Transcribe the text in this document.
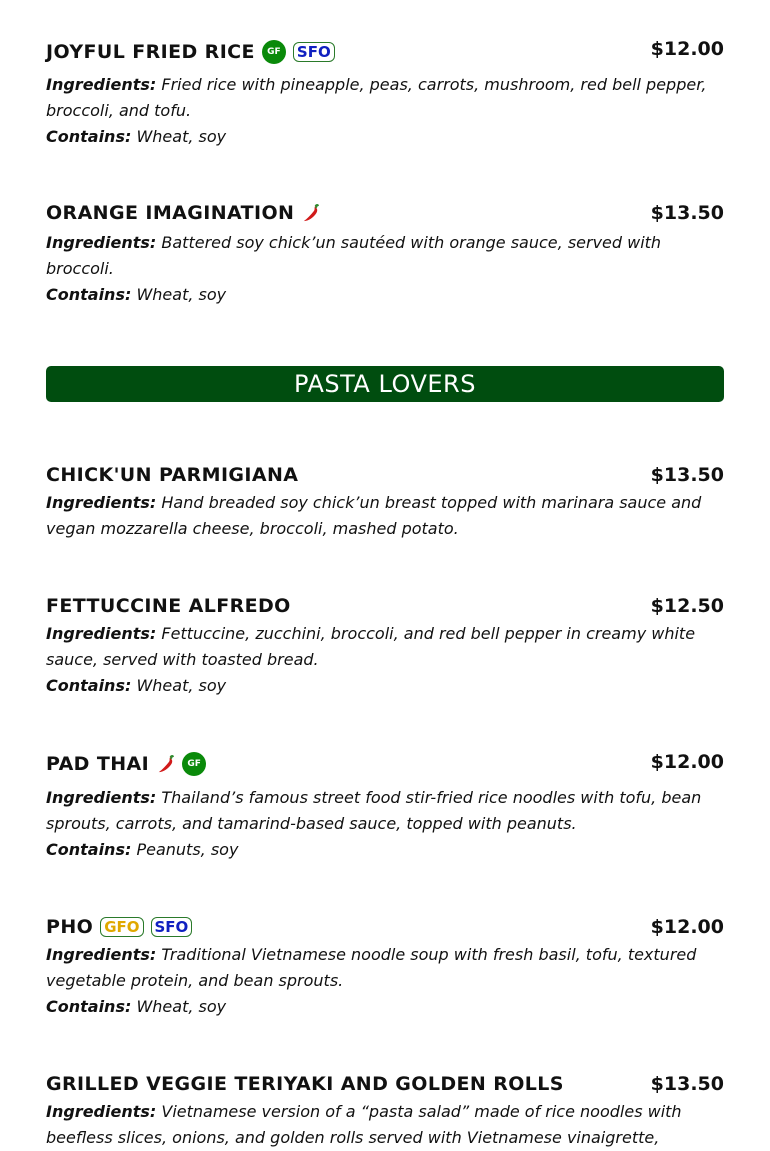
JOYFUL FRIED RICE	GF	SFO	$12.00
Ingredients: Fried rice with pineapple, peas, carrots, mushroom, red bell pepper,
broccoli, and tofu.
Contains: Wheat, soy
ORANGE IMAGINATION	$13.50
Ingredients: Battered soy chick’un sautéed with orange sauce, served with
broccoli.
Contains: Wheat, soy
PASTA LOVERS
CHICK'UN PARMIGIANA	$13.50
Ingredients: Hand breaded soy chick’un breast topped with marinara sauce and
vegan mozzarella cheese, broccoli, mashed potato.
FETTUCCINE ALFREDO	$12.50
Ingredients: Fettuccine, zucchini, broccoli, and red bell pepper in creamy white
sauce, served with toasted bread.
Contains: Wheat, soy
PAD THAI	GF	$12.00
Ingredients: Thailand’s famous street food stir-fried rice noodles with tofu, bean
sprouts, carrots, and tamarind-based sauce, topped with peanuts.
Contains: Peanuts, soy
PHO GFO SFO	$12.00
Ingredients: Traditional Vietnamese noodle soup with fresh basil, tofu, textured
vegetable protein, and bean sprouts.
Contains: Wheat, soy
GRILLED VEGGIE TERIYAKI AND GOLDEN ROLLS	$13.50
Ingredients: Vietnamese version of a “pasta salad” made of rice noodles with
beefless slices, onions, and golden rolls served with Vietnamese vinaigrette,
